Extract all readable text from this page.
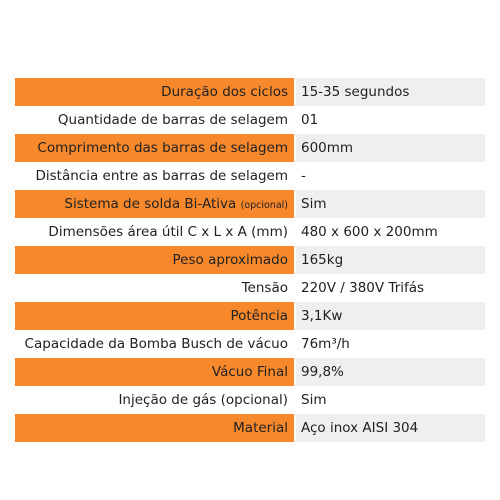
Duração dos ciclos 15-35 segundos
Quantidade de barras de selagem 01
Comprimento das barras de selagem 600mm
Distância entre as barras de selagem -
Sistema de solda Bi-Ativa (opcional) Sim
Dimensões área útil C x L x A (mm) 480 x 600 x 200mm
Peso aproximado 165kg
Tensão 220V / 380V Trifás
Potência 3,1Kw
Capacidade da Bomba Busch de vácuo 76m³/h
Vácuo Final 99,8%
Injeção de gás (opcional) Sim
Material Aço inox AISI 304
